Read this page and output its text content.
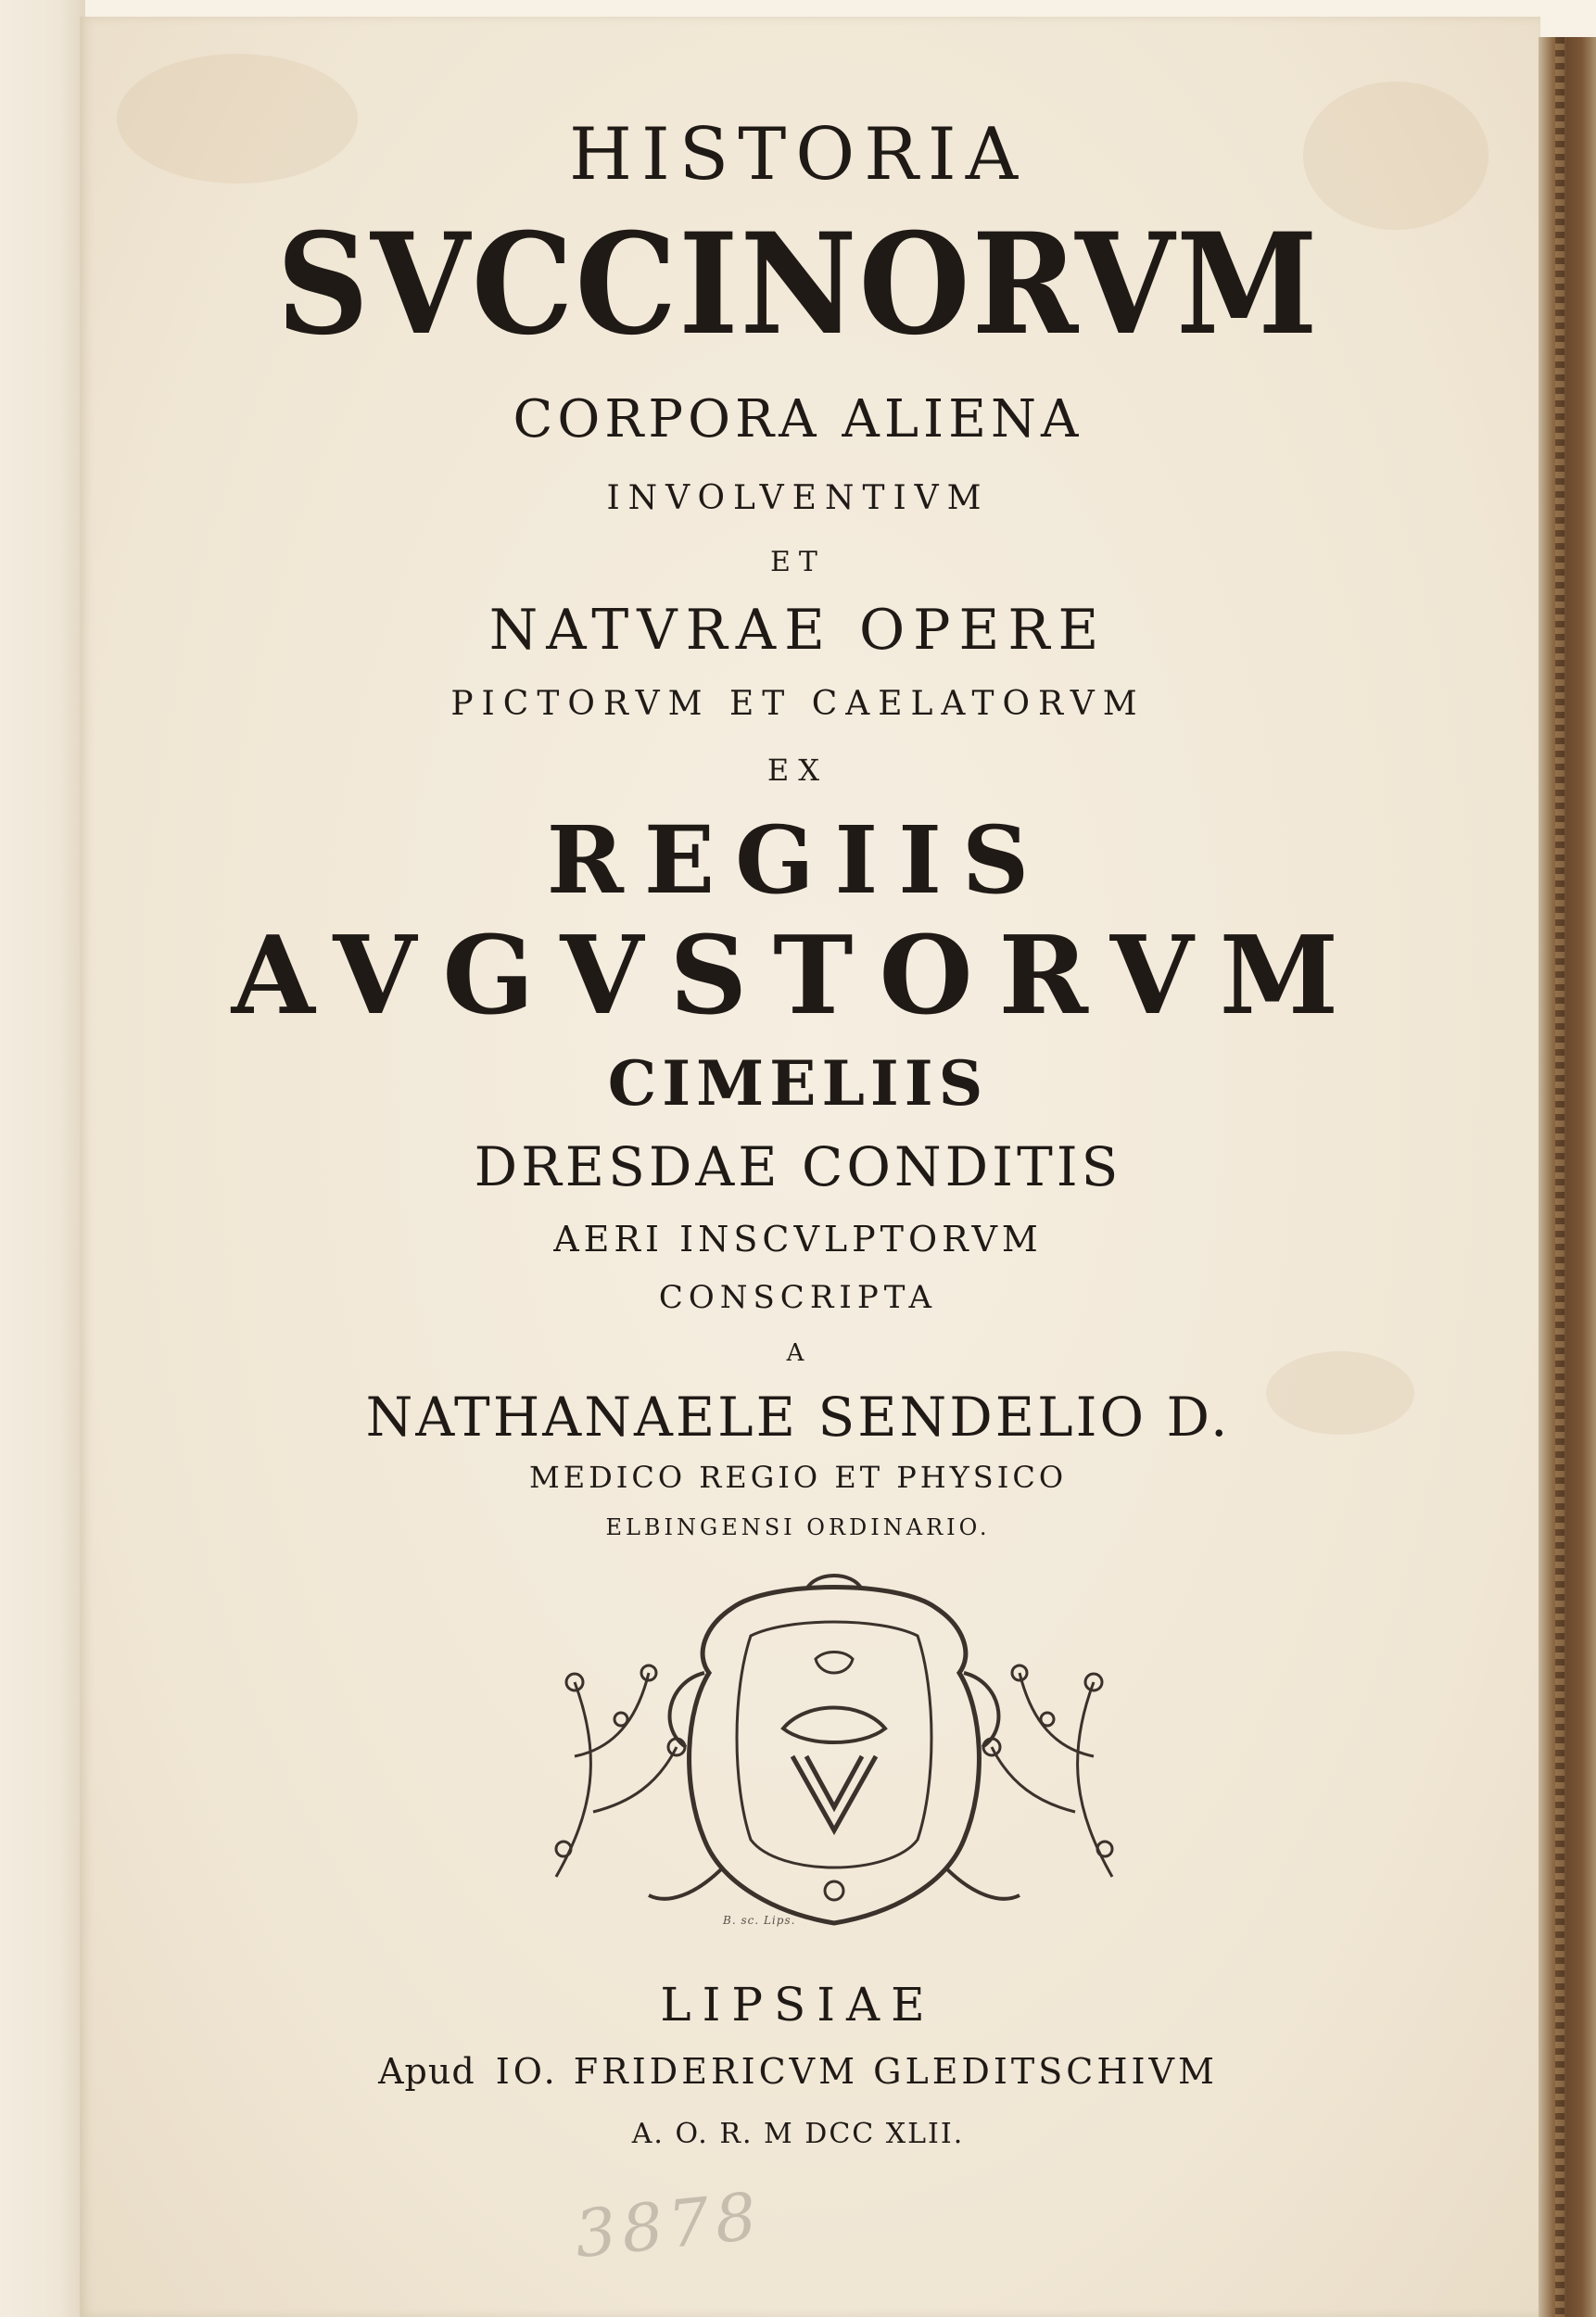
HISTORIA

SVCCINORVM

CORPORA ALIENA

INVOLVENTIVM

ET

NATVRAE OPERE

PICTORVM ET CAELATORVM

EX

REGIIS

AVGVSTORVM

CIMELIIS

DRESDAE CONDITIS

AERI INSCVLPTORVM

CONSCRIPTA

A

NATHANAELE SENDELIO D.

MEDICO REGIO ET PHYSICO

ELBINGENSI ORDINARIO.

B. sc. Lips.

LIPSIAE

Apud IO. FRIDERICVM GLEDITSCHIVM

A. O. R. M DCC XLII.

3878
